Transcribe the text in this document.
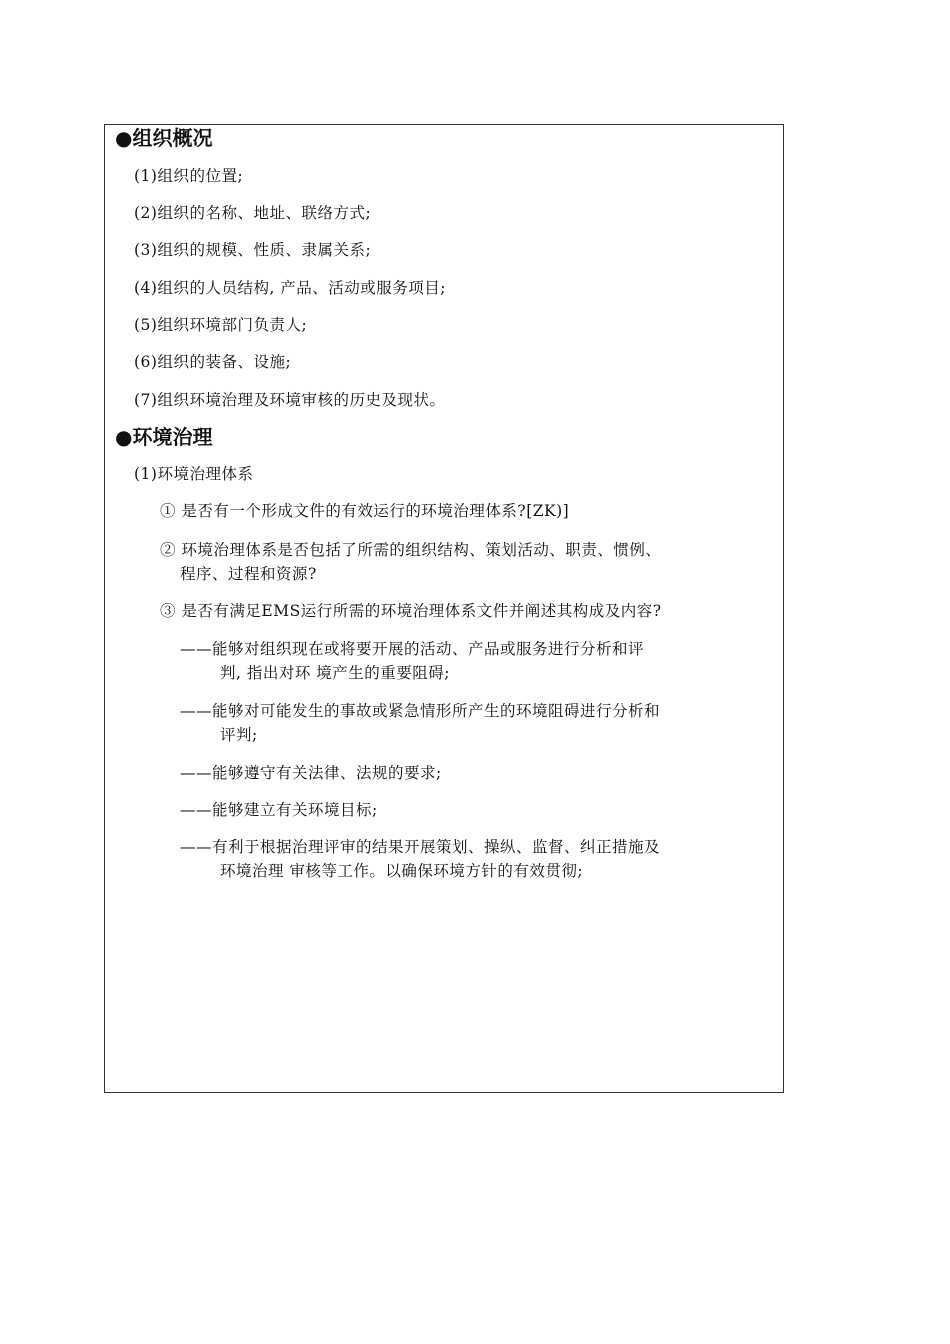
●组织概况
(1)组织的位置;
(2)组织的名称、地址、联络方式;
(3)组织的规模、性质、隶属关系;
(4)组织的人员结构, 产品、活动或服务项目;
(5)组织环境部门负责人;
(6)组织的装备、设施;
(7)组织环境治理及环境审核的历史及现状。
●环境治理
(1)环境治理体系
① 是否有一个形成文件的有效运行的环境治理体系?[ZK)]
② 环境治理体系是否包括了所需的组织结构、策划活动、职责、惯例、
程序、过程和资源?
③ 是否有满足EMS运行所需的环境治理体系文件并阐述其构成及内容?
——能够对组织现在或将要开展的活动、产品或服务进行分析和评
判, 指出对环 境产生的重要阻碍;
——能够对可能发生的事故或紧急情形所产生的环境阻碍进行分析和
评判;
——能够遵守有关法律、法规的要求;
——能够建立有关环境目标;
——有利于根据治理评审的结果开展策划、操纵、监督、纠正措施及
环境治理 审核等工作。以确保环境方针的有效贯彻;
